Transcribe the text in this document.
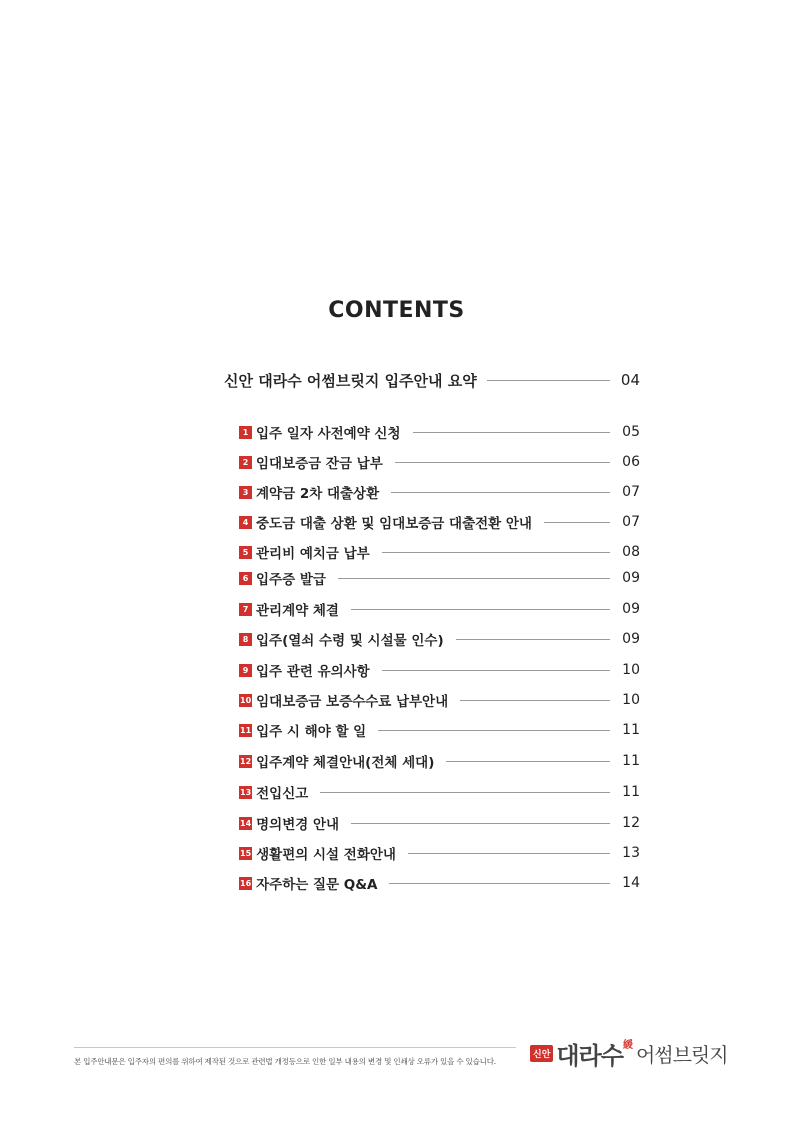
CONTENTS
신안 대라수 어썸브릿지 입주안내 요약	04
1 입주 일자 사전예약 신청	05
2 임대보증금 잔금 납부	06
3 계약금 2차 대출상환	07
4 중도금 대출 상환 및 임대보증금 대출전환 안내	07
5 관리비 예치금 납부	08
6 입주증 발급	09
7 관리계약 체결	09
8 입주(열쇠 수령 및 시설물 인수)	09
9 입주 관련 유의사항	10
10 임대보증금 보증수수료 납부안내	10
11 입주 시 해야 할 일	11
12 입주계약 체결안내(전체 세대)	11
13 전입신고	11
14 명의변경 안내	12
15 생활편의 시설 전화안내	13
16 자주하는 질문 Q&A	14
본 입주안내문은 입주자의 편의를 위하여 제작된 것으로 관련법 개정등으로 인한 일부 내용의 변경 및 인쇄상 오류가 있을 수 있습니다.
신안 대라수 緩 어썸브릿지
